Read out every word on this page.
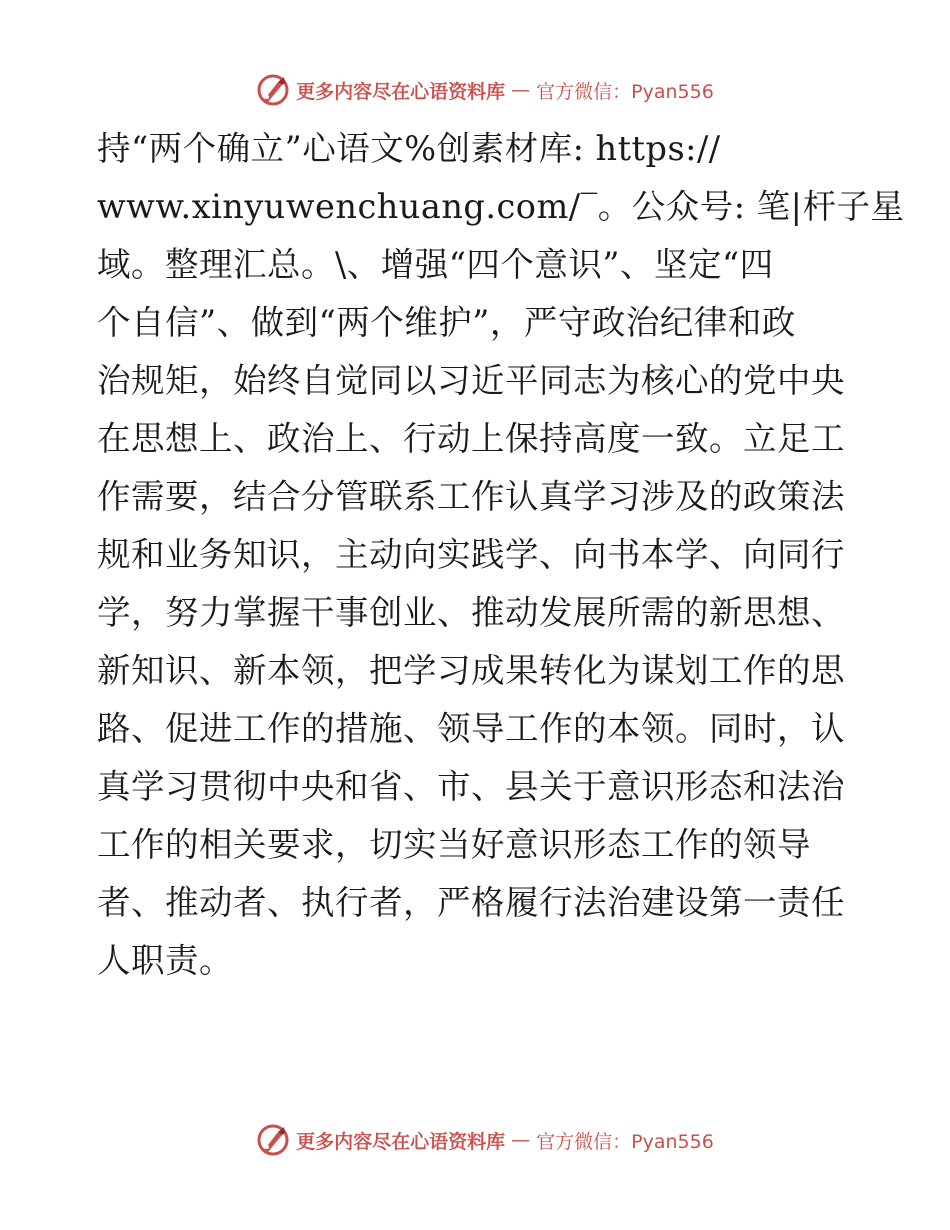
更多内容尽在心语资料库 — 官方微信：Pyan556
持“两个确立”心语文%创素材库: https://
www.xinyuwenchuang.com/‾。公众号: 笔|杆子星
域。整理汇总。\、增强“四个意识”、坚定“四
个自信”、做到“两个维护”，严守政治纪律和政
治规矩，始终自觉同以习近平同志为核心的党中央
在思想上、政治上、行动上保持高度一致。立足工
作需要，结合分管联系工作认真学习涉及的政策法
规和业务知识，主动向实践学、向书本学、向同行
学，努力掌握干事创业、推动发展所需的新思想、
新知识、新本领，把学习成果转化为谋划工作的思
路、促进工作的措施、领导工作的本领。同时，认
真学习贯彻中央和省、市、县关于意识形态和法治
工作的相关要求，切实当好意识形态工作的领导
者、推动者、执行者，严格履行法治建设第一责任
人职责。
更多内容尽在心语资料库 — 官方微信：Pyan556
